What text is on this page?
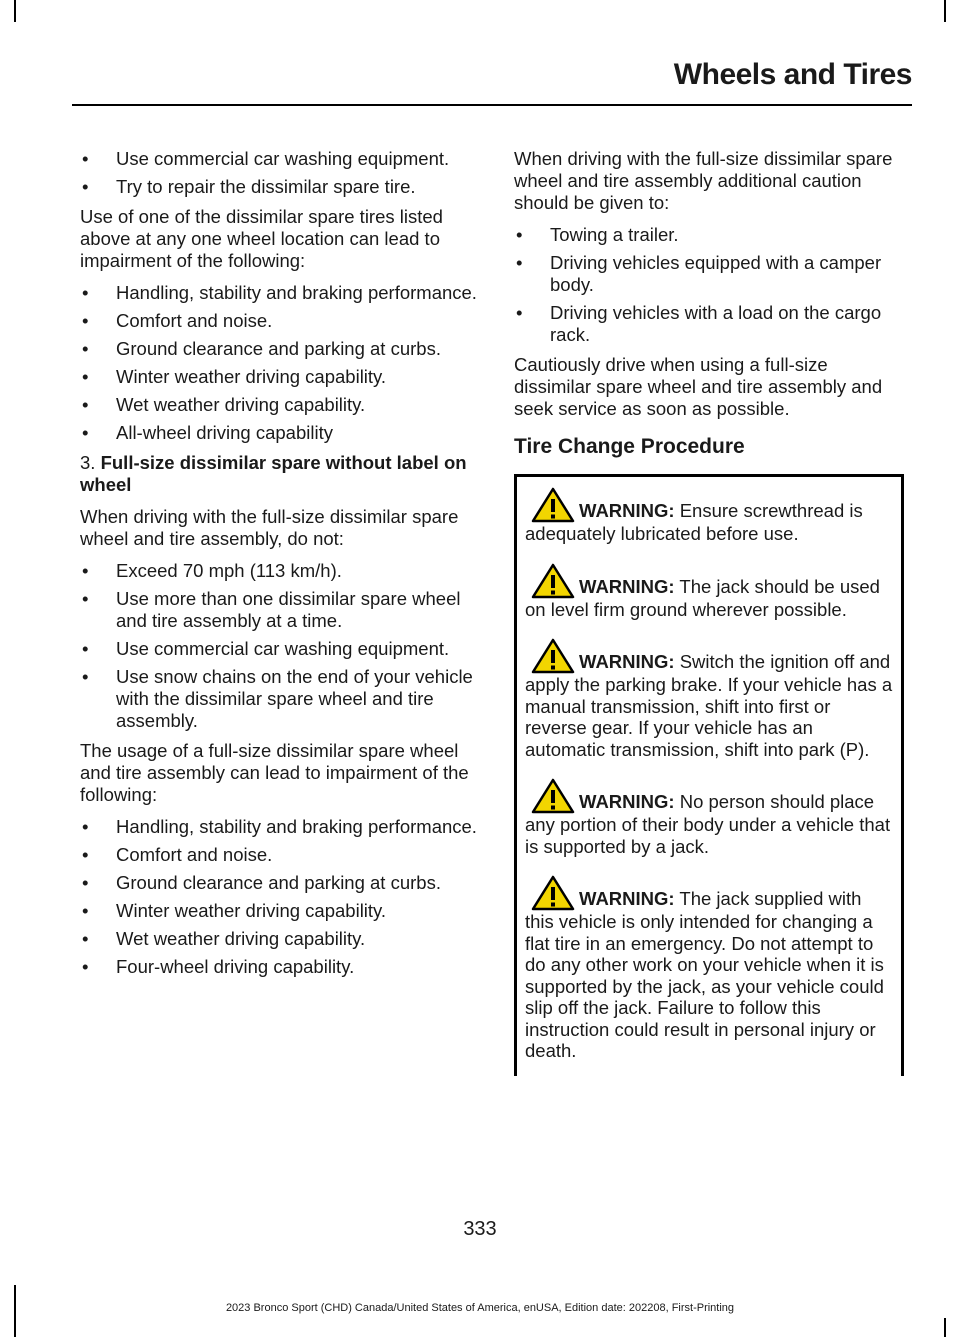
Wheels and Tires
• Use commercial car washing equipment.
• Try to repair the dissimilar spare tire.

Use of one of the dissimilar spare tires listed above at any one wheel location can lead to impairment of the following:

• Handling, stability and braking performance.
• Comfort and noise.
• Ground clearance and parking at curbs.
• Winter weather driving capability.
• Wet weather driving capability.
• All-wheel driving capability

3. Full-size dissimilar spare without label on wheel

When driving with the full-size dissimilar spare wheel and tire assembly, do not:

• Exceed 70 mph (113 km/h).
• Use more than one dissimilar spare wheel and tire assembly at a time.
• Use commercial car washing equipment.
• Use snow chains on the end of your vehicle with the dissimilar spare wheel and tire assembly.

The usage of a full-size dissimilar spare wheel and tire assembly can lead to impairment of the following:

• Handling, stability and braking performance.
• Comfort and noise.
• Ground clearance and parking at curbs.
• Winter weather driving capability.
• Wet weather driving capability.
• Four-wheel driving capability.

When driving with the full-size dissimilar spare wheel and tire assembly additional caution should be given to:

• Towing a trailer.
• Driving vehicles equipped with a camper body.
• Driving vehicles with a load on the cargo rack.

Cautiously drive when using a full-size dissimilar spare wheel and tire assembly and seek service as soon as possible.

Tire Change Procedure

WARNING: Ensure screwthread is adequately lubricated before use.

WARNING: The jack should be used on level firm ground wherever possible.

WARNING: Switch the ignition off and apply the parking brake. If your vehicle has a manual transmission, shift into first or reverse gear. If your vehicle has an automatic transmission, shift into park (P).

WARNING: No person should place any portion of their body under a vehicle that is supported by a jack.

WARNING: The jack supplied with this vehicle is only intended for changing a flat tire in an emergency. Do not attempt to do any other work on your vehicle when it is supported by the jack, as your vehicle could slip off the jack. Failure to follow this instruction could result in personal injury or death.

333
2023 Bronco Sport (CHD) Canada/United States of America, enUSA, Edition date: 202208, First-Printing
